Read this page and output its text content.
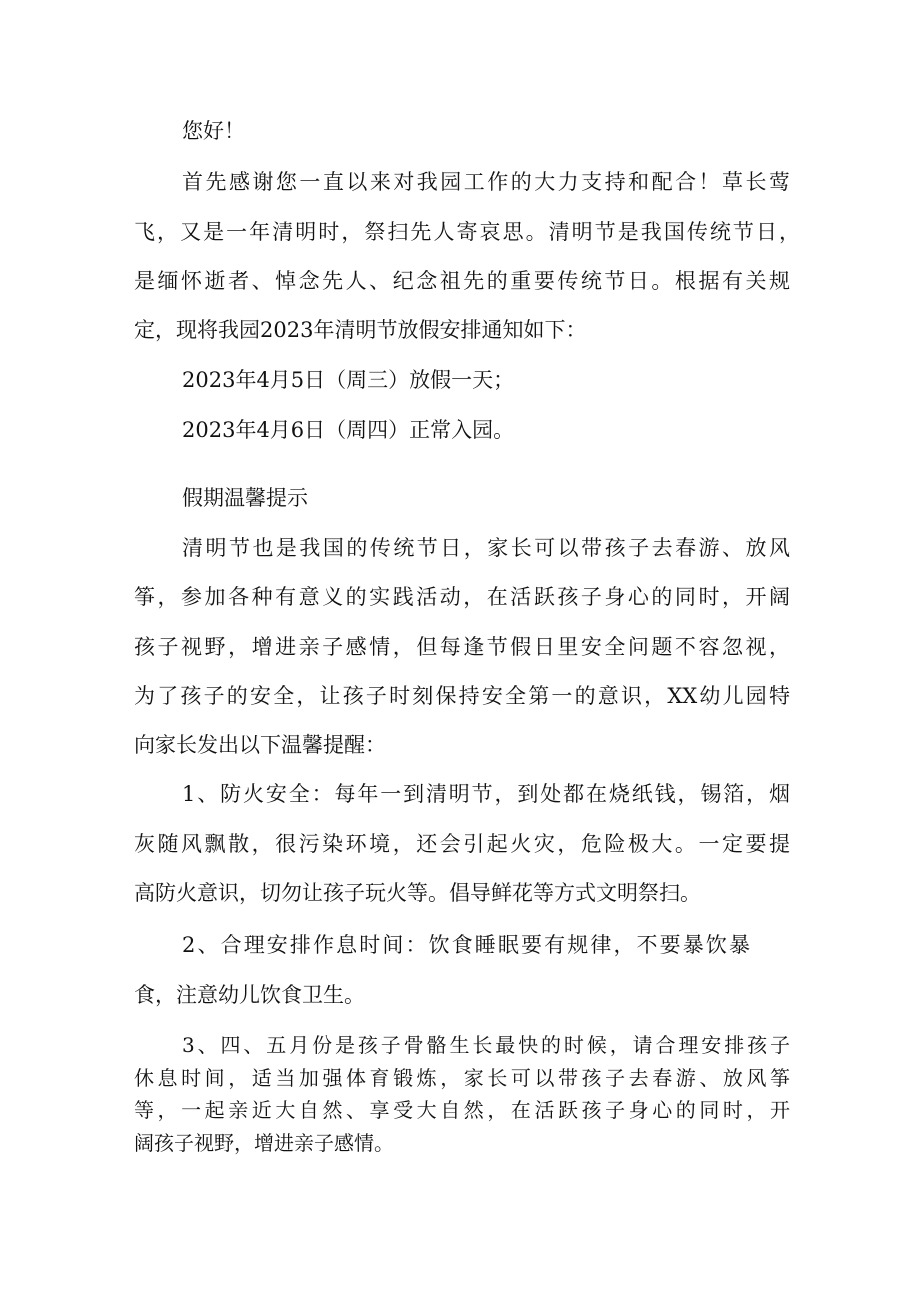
您好！

首先感谢您一直以来对我园工作的大力支持和配合！草长莺

飞，又是一年清明时，祭扫先人寄哀思。清明节是我国传统节日，

是缅怀逝者、悼念先人、纪念祖先的重要传统节日。根据有关规

定，现将我园2023年清明节放假安排通知如下：

2023年4月5日（周三）放假一天；

2023年4月6日（周四）正常入园。

假期温馨提示

清明节也是我国的传统节日，家长可以带孩子去春游、放风

筝，参加各种有意义的实践活动，在活跃孩子身心的同时，开阔

孩子视野，增进亲子感情，但每逢节假日里安全问题不容忽视，

为了孩子的安全，让孩子时刻保持安全第一的意识，XX幼儿园特

向家长发出以下温馨提醒：

1、防火安全：每年一到清明节，到处都在烧纸钱，锡箔，烟

灰随风飘散，很污染环境，还会引起火灾，危险极大。一定要提

高防火意识，切勿让孩子玩火等。倡导鲜花等方式文明祭扫。

2、合理安排作息时间：饮食睡眠要有规律，不要暴饮暴

食，注意幼儿饮食卫生。

3、四、五月份是孩子骨骼生长最快的时候，请合理安排孩子

休息时间，适当加强体育锻炼，家长可以带孩子去春游、放风筝

等，一起亲近大自然、享受大自然，在活跃孩子身心的同时，开

阔孩子视野，增进亲子感情。
